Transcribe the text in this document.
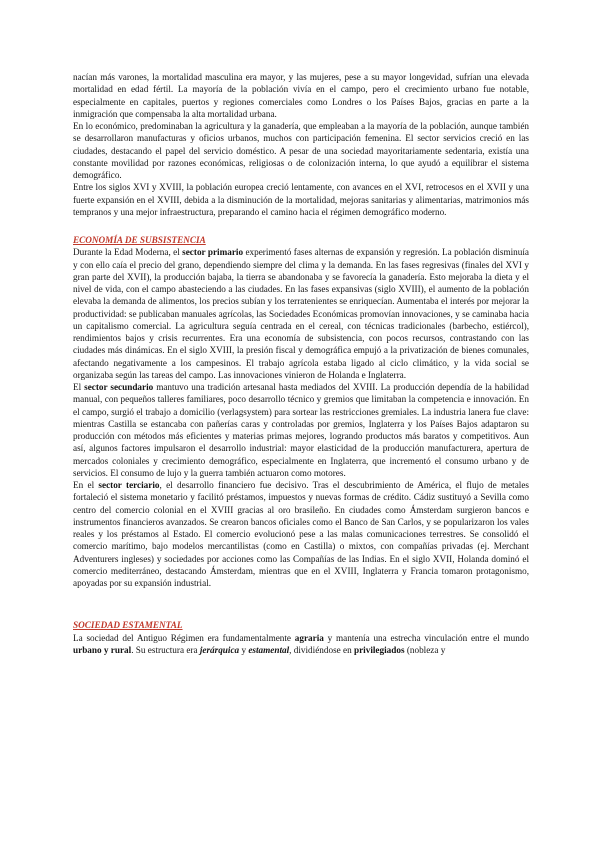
nacían más varones, la mortalidad masculina era mayor, y las mujeres, pese a su mayor longevidad, sufrían una elevada mortalidad en edad fértil. La mayoría de la población vivía en el campo, pero el crecimiento urbano fue notable, especialmente en capitales, puertos y regiones comerciales como Londres o los Países Bajos, gracias en parte a la inmigración que compensaba la alta mortalidad urbana.

En lo económico, predominaban la agricultura y la ganadería, que empleaban a la mayoría de la población, aunque también se desarrollaron manufacturas y oficios urbanos, muchos con participación femenina. El sector servicios creció en las ciudades, destacando el papel del servicio doméstico. A pesar de una sociedad mayoritariamente sedentaria, existía una constante movilidad por razones económicas, religiosas o de colonización interna, lo que ayudó a equilibrar el sistema demográfico.

Entre los siglos XVI y XVIII, la población europea creció lentamente, con avances en el XVI, retrocesos en el XVII y una fuerte expansión en el XVIII, debida a la disminución de la mortalidad, mejoras sanitarias y alimentarias, matrimonios más tempranos y una mejor infraestructura, preparando el camino hacia el régimen demográfico moderno.

ECONOMÍA DE SUBSISTENCIA

Durante la Edad Moderna, el sector primario experimentó fases alternas de expansión y regresión. La población disminuía y con ello caía el precio del grano, dependiendo siempre del clima y la demanda. En las fases regresivas (finales del XVI y gran parte del XVII), la producción bajaba, la tierra se abandonaba y se favorecía la ganadería. Esto mejoraba la dieta y el nivel de vida, con el campo abasteciendo a las ciudades. En las fases expansivas (siglo XVIII), el aumento de la población elevaba la demanda de alimentos, los precios subían y los terratenientes se enriquecían. Aumentaba el interés por mejorar la productividad: se publicaban manuales agrícolas, las Sociedades Económicas promovían innovaciones, y se caminaba hacia un capitalismo comercial. La agricultura seguía centrada en el cereal, con técnicas tradicionales (barbecho, estiércol), rendimientos bajos y crisis recurrentes. Era una economía de subsistencia, con pocos recursos, contrastando con las ciudades más dinámicas. En el siglo XVIII, la presión fiscal y demográfica empujó a la privatización de bienes comunales, afectando negativamente a los campesinos. El trabajo agrícola estaba ligado al ciclo climático, y la vida social se organizaba según las tareas del campo. Las innovaciones vinieron de Holanda e Inglaterra.

El sector secundario mantuvo una tradición artesanal hasta mediados del XVIII. La producción dependía de la habilidad manual, con pequeños talleres familiares, poco desarrollo técnico y gremios que limitaban la competencia e innovación. En el campo, surgió el trabajo a domicilio (verlagsystem) para sortear las restricciones gremiales. La industria lanera fue clave: mientras Castilla se estancaba con pañerías caras y controladas por gremios, Inglaterra y los Países Bajos adaptaron su producción con métodos más eficientes y materias primas mejores, logrando productos más baratos y competitivos. Aun así, algunos factores impulsaron el desarrollo industrial: mayor elasticidad de la producción manufacturera, apertura de mercados coloniales y crecimiento demográfico, especialmente en Inglaterra, que incrementó el consumo urbano y de servicios. El consumo de lujo y la guerra también actuaron como motores.

En el sector terciario, el desarrollo financiero fue decisivo. Tras el descubrimiento de América, el flujo de metales fortaleció el sistema monetario y facilitó préstamos, impuestos y nuevas formas de crédito. Cádiz sustituyó a Sevilla como centro del comercio colonial en el XVIII gracias al oro brasileño. En ciudades como Ámsterdam surgieron bancos e instrumentos financieros avanzados. Se crearon bancos oficiales como el Banco de San Carlos, y se popularizaron los vales reales y los préstamos al Estado. El comercio evolucionó pese a las malas comunicaciones terrestres. Se consolidó el comercio marítimo, bajo modelos mercantilistas (como en Castilla) o mixtos, con compañías privadas (ej. Merchant Adventurers ingleses) y sociedades por acciones como las Compañías de las Indias. En el siglo XVII, Holanda dominó el comercio mediterráneo, destacando Ámsterdam, mientras que en el XVIII, Inglaterra y Francia tomaron protagonismo, apoyadas por su expansión industrial.

SOCIEDAD ESTAMENTAL

La sociedad del Antiguo Régimen era fundamentalmente agraria y mantenía una estrecha vinculación entre el mundo urbano y rural. Su estructura era jerárquica y estamental, dividiéndose en privilegiados (nobleza y
